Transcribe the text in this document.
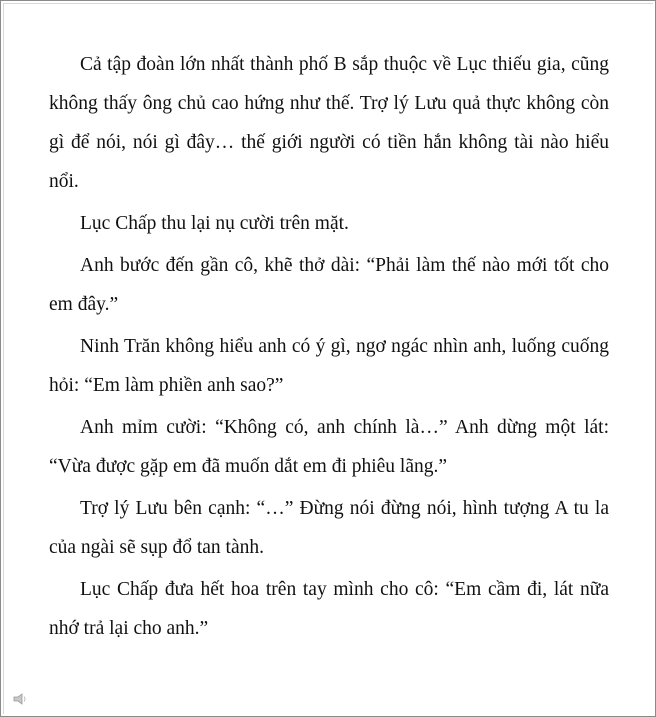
Cả tập đoàn lớn nhất thành phố B sắp thuộc về Lục thiếu gia, cũng không thấy ông chủ cao hứng như thế. Trợ lý Lưu quả thực không còn gì để nói, nói gì đây… thế giới người có tiền hắn không tài nào hiểu nổi.

Lục Chấp thu lại nụ cười trên mặt.

Anh bước đến gần cô, khẽ thở dài: “Phải làm thế nào mới tốt cho em đây.”

Ninh Trăn không hiểu anh có ý gì, ngơ ngác nhìn anh, luống cuống hỏi: “Em làm phiền anh sao?”

Anh mỉm cười: “Không có, anh chính là…” Anh dừng một lát: “Vừa được gặp em đã muốn dắt em đi phiêu lãng.”

Trợ lý Lưu bên cạnh: “…” Đừng nói đừng nói, hình tượng A tu la của ngài sẽ sụp đổ tan tành.

Lục Chấp đưa hết hoa trên tay mình cho cô: “Em cầm đi, lát nữa nhớ trả lại cho anh.”
